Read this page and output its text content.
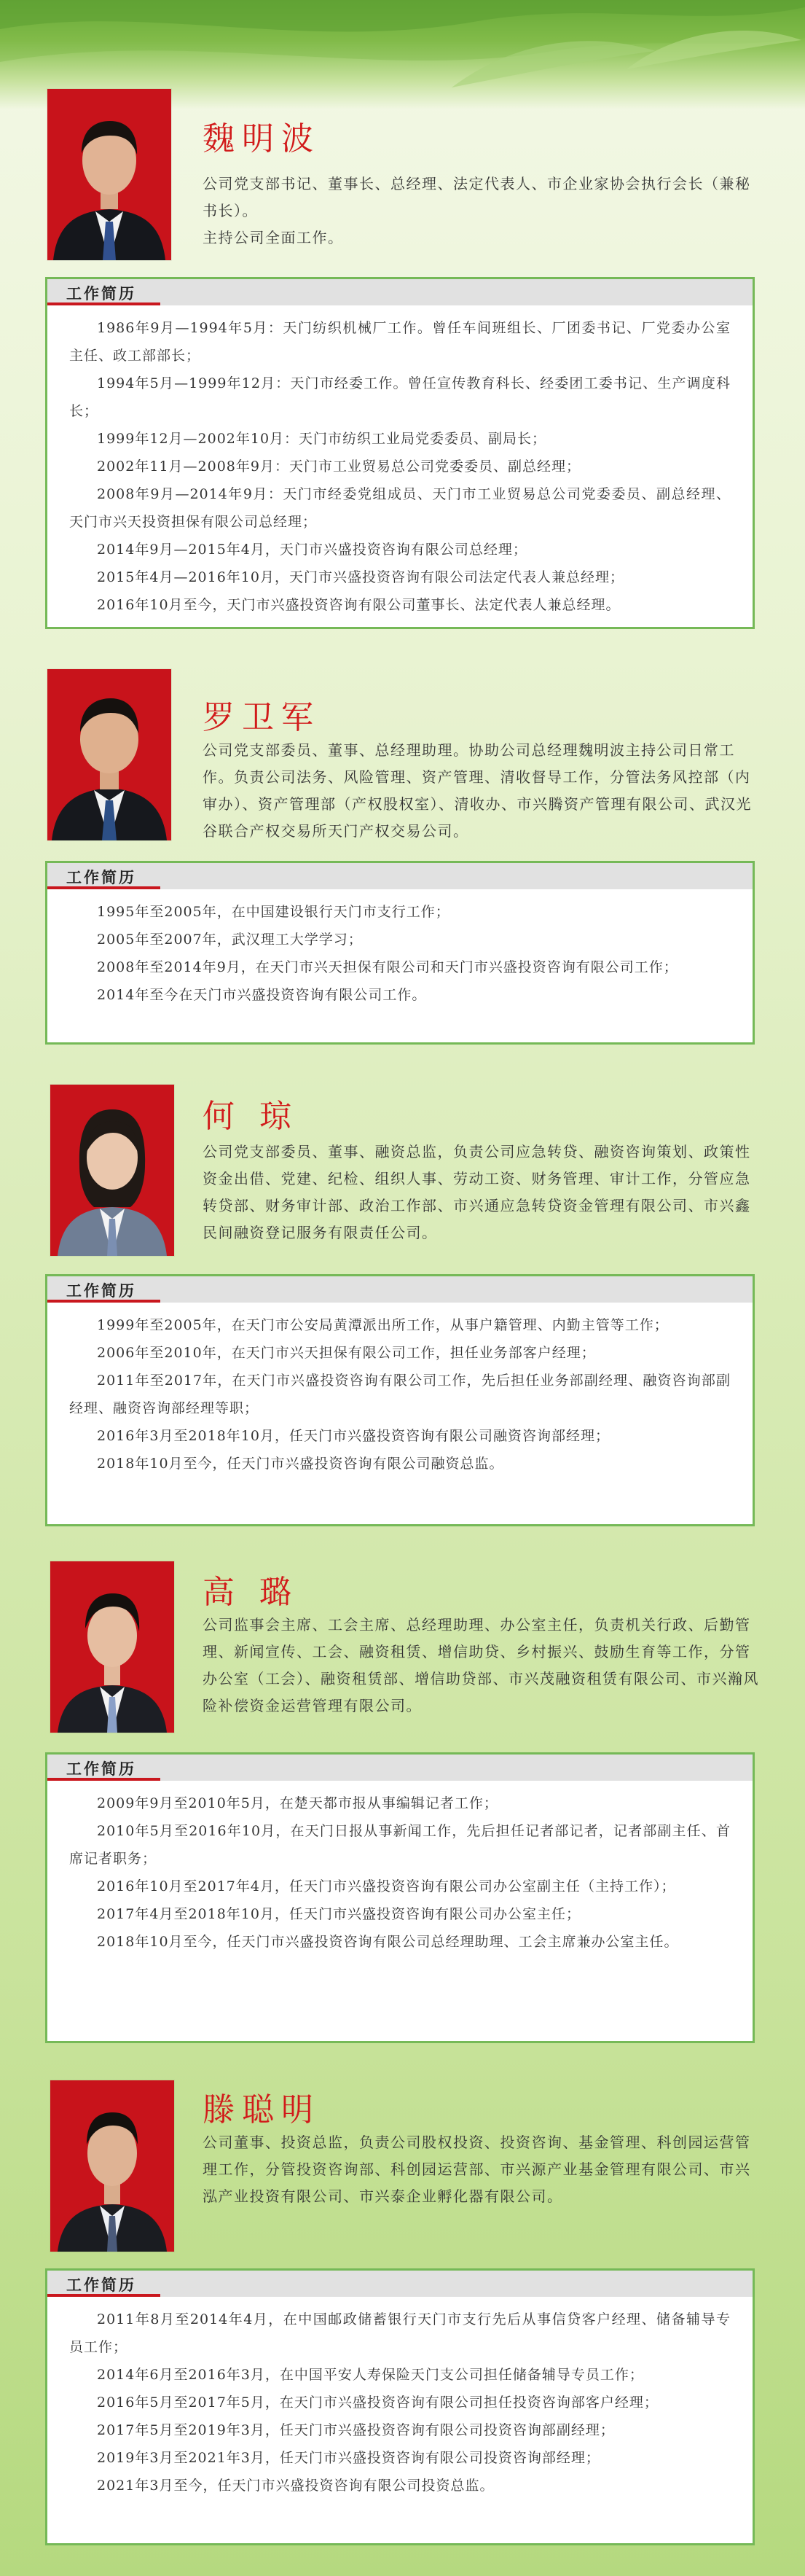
魏明波

公司党支部书记、董事长、总经理、法定代表人、市企业家协会执行会长（兼秘书长）。

主持公司全面工作。

工作简历

1986年9月—1994年5月：天门纺织机械厂工作。曾任车间班组长、厂团委书记、厂党委办公室主任、政工部部长；

1994年5月—1999年12月：天门市经委工作。曾任宣传教育科长、经委团工委书记、生产调度科长；

1999年12月—2002年10月：天门市纺织工业局党委委员、副局长；

2002年11月—2008年9月：天门市工业贸易总公司党委委员、副总经理；

2008年9月—2014年9月：天门市经委党组成员、天门市工业贸易总公司党委委员、副总经理、天门市兴天投资担保有限公司总经理；

2014年9月—2015年4月，天门市兴盛投资咨询有限公司总经理；

2015年4月—2016年10月，天门市兴盛投资咨询有限公司法定代表人兼总经理；

2016年10月至今，天门市兴盛投资咨询有限公司董事长、法定代表人兼总经理。

罗卫军

公司党支部委员、董事、总经理助理。协助公司总经理魏明波主持公司日常工作。负责公司法务、风险管理、资产管理、清收督导工作，分管法务风控部（内审办）、资产管理部（产权股权室）、清收办、市兴腾资产管理有限公司、武汉光谷联合产权交易所天门产权交易公司。

工作简历

1995年至2005年，在中国建设银行天门市支行工作；

2005年至2007年，武汉理工大学学习；

2008年至2014年9月，在天门市兴天担保有限公司和天门市兴盛投资咨询有限公司工作；

2014年至今在天门市兴盛投资咨询有限公司工作。

何 琼

公司党支部委员、董事、融资总监，负责公司应急转贷、融资咨询策划、政策性资金出借、党建、纪检、组织人事、劳动工资、财务管理、审计工作，分管应急转贷部、财务审计部、政治工作部、市兴通应急转贷资金管理有限公司、市兴鑫民间融资登记服务有限责任公司。

工作简历

1999年至2005年，在天门市公安局黄潭派出所工作，从事户籍管理、内勤主管等工作；

2006年至2010年，在天门市兴天担保有限公司工作，担任业务部客户经理；

2011年至2017年，在天门市兴盛投资咨询有限公司工作，先后担任业务部副经理、融资咨询部副经理、融资咨询部经理等职；

2016年3月至2018年10月，任天门市兴盛投资咨询有限公司融资咨询部经理；

2018年10月至今，任天门市兴盛投资咨询有限公司融资总监。

高 璐

公司监事会主席、工会主席、总经理助理、办公室主任，负责机关行政、后勤管理、新闻宣传、工会、融资租赁、增信助贷、乡村振兴、鼓励生育等工作，分管办公室（工会）、融资租赁部、增信助贷部、市兴茂融资租赁有限公司、市兴瀚风险补偿资金运营管理有限公司。

工作简历

2009年9月至2010年5月，在楚天都市报从事编辑记者工作；

2010年5月至2016年10月，在天门日报从事新闻工作，先后担任记者部记者，记者部副主任、首席记者职务；

2016年10月至2017年4月，任天门市兴盛投资咨询有限公司办公室副主任（主持工作）；

2017年4月至2018年10月，任天门市兴盛投资咨询有限公司办公室主任；

2018年10月至今，任天门市兴盛投资咨询有限公司总经理助理、工会主席兼办公室主任。

滕聪明

公司董事、投资总监，负责公司股权投资、投资咨询、基金管理、科创园运营管理工作，分管投资咨询部、科创园运营部、市兴源产业基金管理有限公司、市兴泓产业投资有限公司、市兴泰企业孵化器有限公司。

工作简历

2011年8月至2014年4月，在中国邮政储蓄银行天门市支行先后从事信贷客户经理、储备辅导专员工作；

2014年6月至2016年3月，在中国平安人寿保险天门支公司担任储备辅导专员工作；

2016年5月至2017年5月，在天门市兴盛投资咨询有限公司担任投资咨询部客户经理；

2017年5月至2019年3月，任天门市兴盛投资咨询有限公司投资咨询部副经理；

2019年3月至2021年3月，任天门市兴盛投资咨询有限公司投资咨询部经理；

2021年3月至今，任天门市兴盛投资咨询有限公司投资总监。
